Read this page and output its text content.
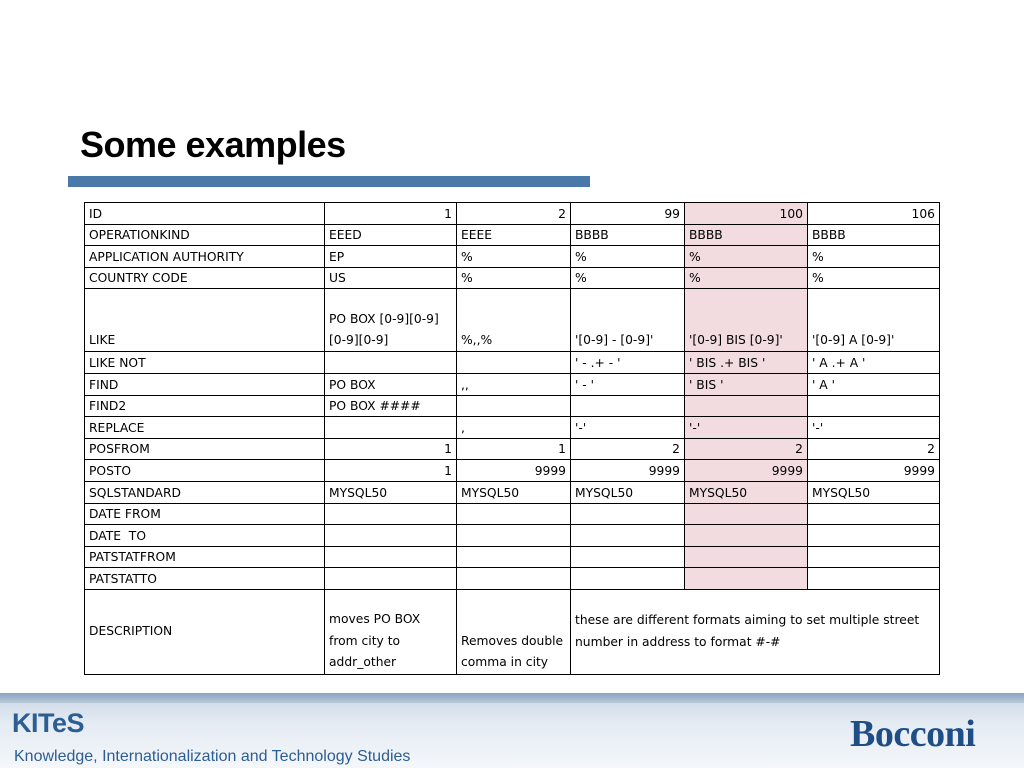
Some examples
ID	1	2	99	100	106
OPERATIONKIND	EEED	EEEE	BBBB	BBBB	BBBB
APPLICATION AUTHORITY	EP	%	%	%	%
COUNTRY CODE	US	%	%	%	%
LIKE	PO BOX [0-9][0-9][0-9][0-9]	%,,%	'[0-9] - [0-9]'	'[0-9] BIS [0-9]'	'[0-9] A [0-9]'
LIKE NOT			' - .+ - '	' BIS .+ BIS '	' A .+ A '
FIND	PO BOX	,,	' - '	' BIS '	' A '
FIND2	PO BOX ####				
REPLACE		,	'-'	'-'	'-'
POSFROM	1	1	2	2	2
POSTO	1	9999	9999	9999	9999
SQLSTANDARD	MYSQL50	MYSQL50	MYSQL50	MYSQL50	MYSQL50
DATE FROM					
DATE  TO					
PATSTATFROM					
PATSTATTO					
DESCRIPTION	moves PO BOX from city to addr_other	Removes double comma in city	these are different formats aiming to set multiple street number in address to format #-#		
KITeS
Knowledge, Internationalization and Technology Studies
Bocconi
